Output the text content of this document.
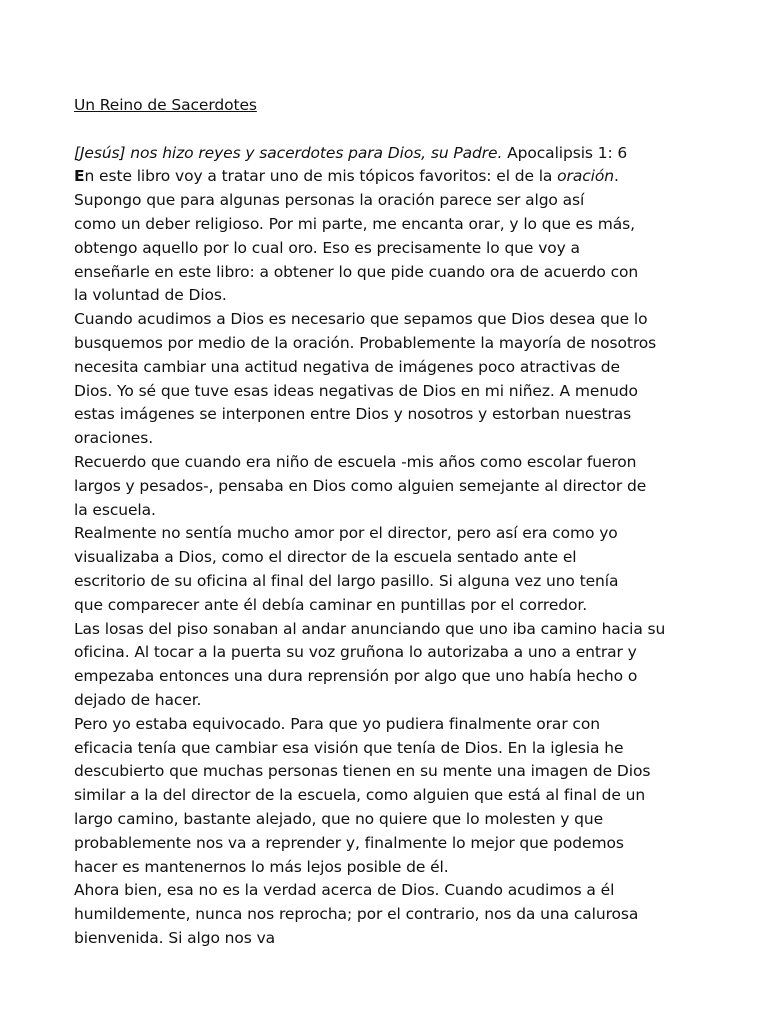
Un Reino de Sacerdotes
[Jesús] nos hizo reyes y sacerdotes para Dios, su Padre. Apocalipsis 1: 6
En este libro voy a tratar uno de mis tópicos favoritos: el de la oración.
Supongo que para algunas personas la oración parece ser algo así
como un deber religioso. Por mi parte, me encanta orar, y lo que es más,
obtengo aquello por lo cual oro. Eso es precisamente lo que voy a
enseñarle en este libro: a obtener lo que pide cuando ora de acuerdo con
la voluntad de Dios.
Cuando acudimos a Dios es necesario que sepamos que Dios desea que lo
busquemos por medio de la oración. Probablemente la mayoría de nosotros
necesita cambiar una actitud negativa de imágenes poco atractivas de
Dios. Yo sé que tuve esas ideas negativas de Dios en mi niñez. A menudo
estas imágenes se interponen entre Dios y nosotros y estorban nuestras
oraciones.
Recuerdo que cuando era niño de escuela -mis años como escolar fueron
largos y pesados-, pensaba en Dios como alguien semejante al director de
la escuela.
Realmente no sentía mucho amor por el director, pero así era como yo
visualizaba a Dios, como el director de la escuela sentado ante el
escritorio de su oficina al final del largo pasillo. Si alguna vez uno tenía
que comparecer ante él debía caminar en puntillas por el corredor.
Las losas del piso sonaban al andar anunciando que uno iba camino hacia su
oficina. Al tocar a la puerta su voz gruñona lo autorizaba a uno a entrar y
empezaba entonces una dura reprensión por algo que uno había hecho o
dejado de hacer.
Pero yo estaba equivocado. Para que yo pudiera finalmente orar con
eficacia tenía que cambiar esa visión que tenía de Dios. En la iglesia he
descubierto que muchas personas tienen en su mente una imagen de Dios
similar a la del director de la escuela, como alguien que está al final de un
largo camino, bastante alejado, que no quiere que lo molesten y que
probablemente nos va a reprender y, finalmente lo mejor que podemos
hacer es mantenernos lo más lejos posible de él.
Ahora bien, esa no es la verdad acerca de Dios. Cuando acudimos a él
humildemente, nunca nos reprocha; por el contrario, nos da una calurosa
bienvenida. Si algo nos va
